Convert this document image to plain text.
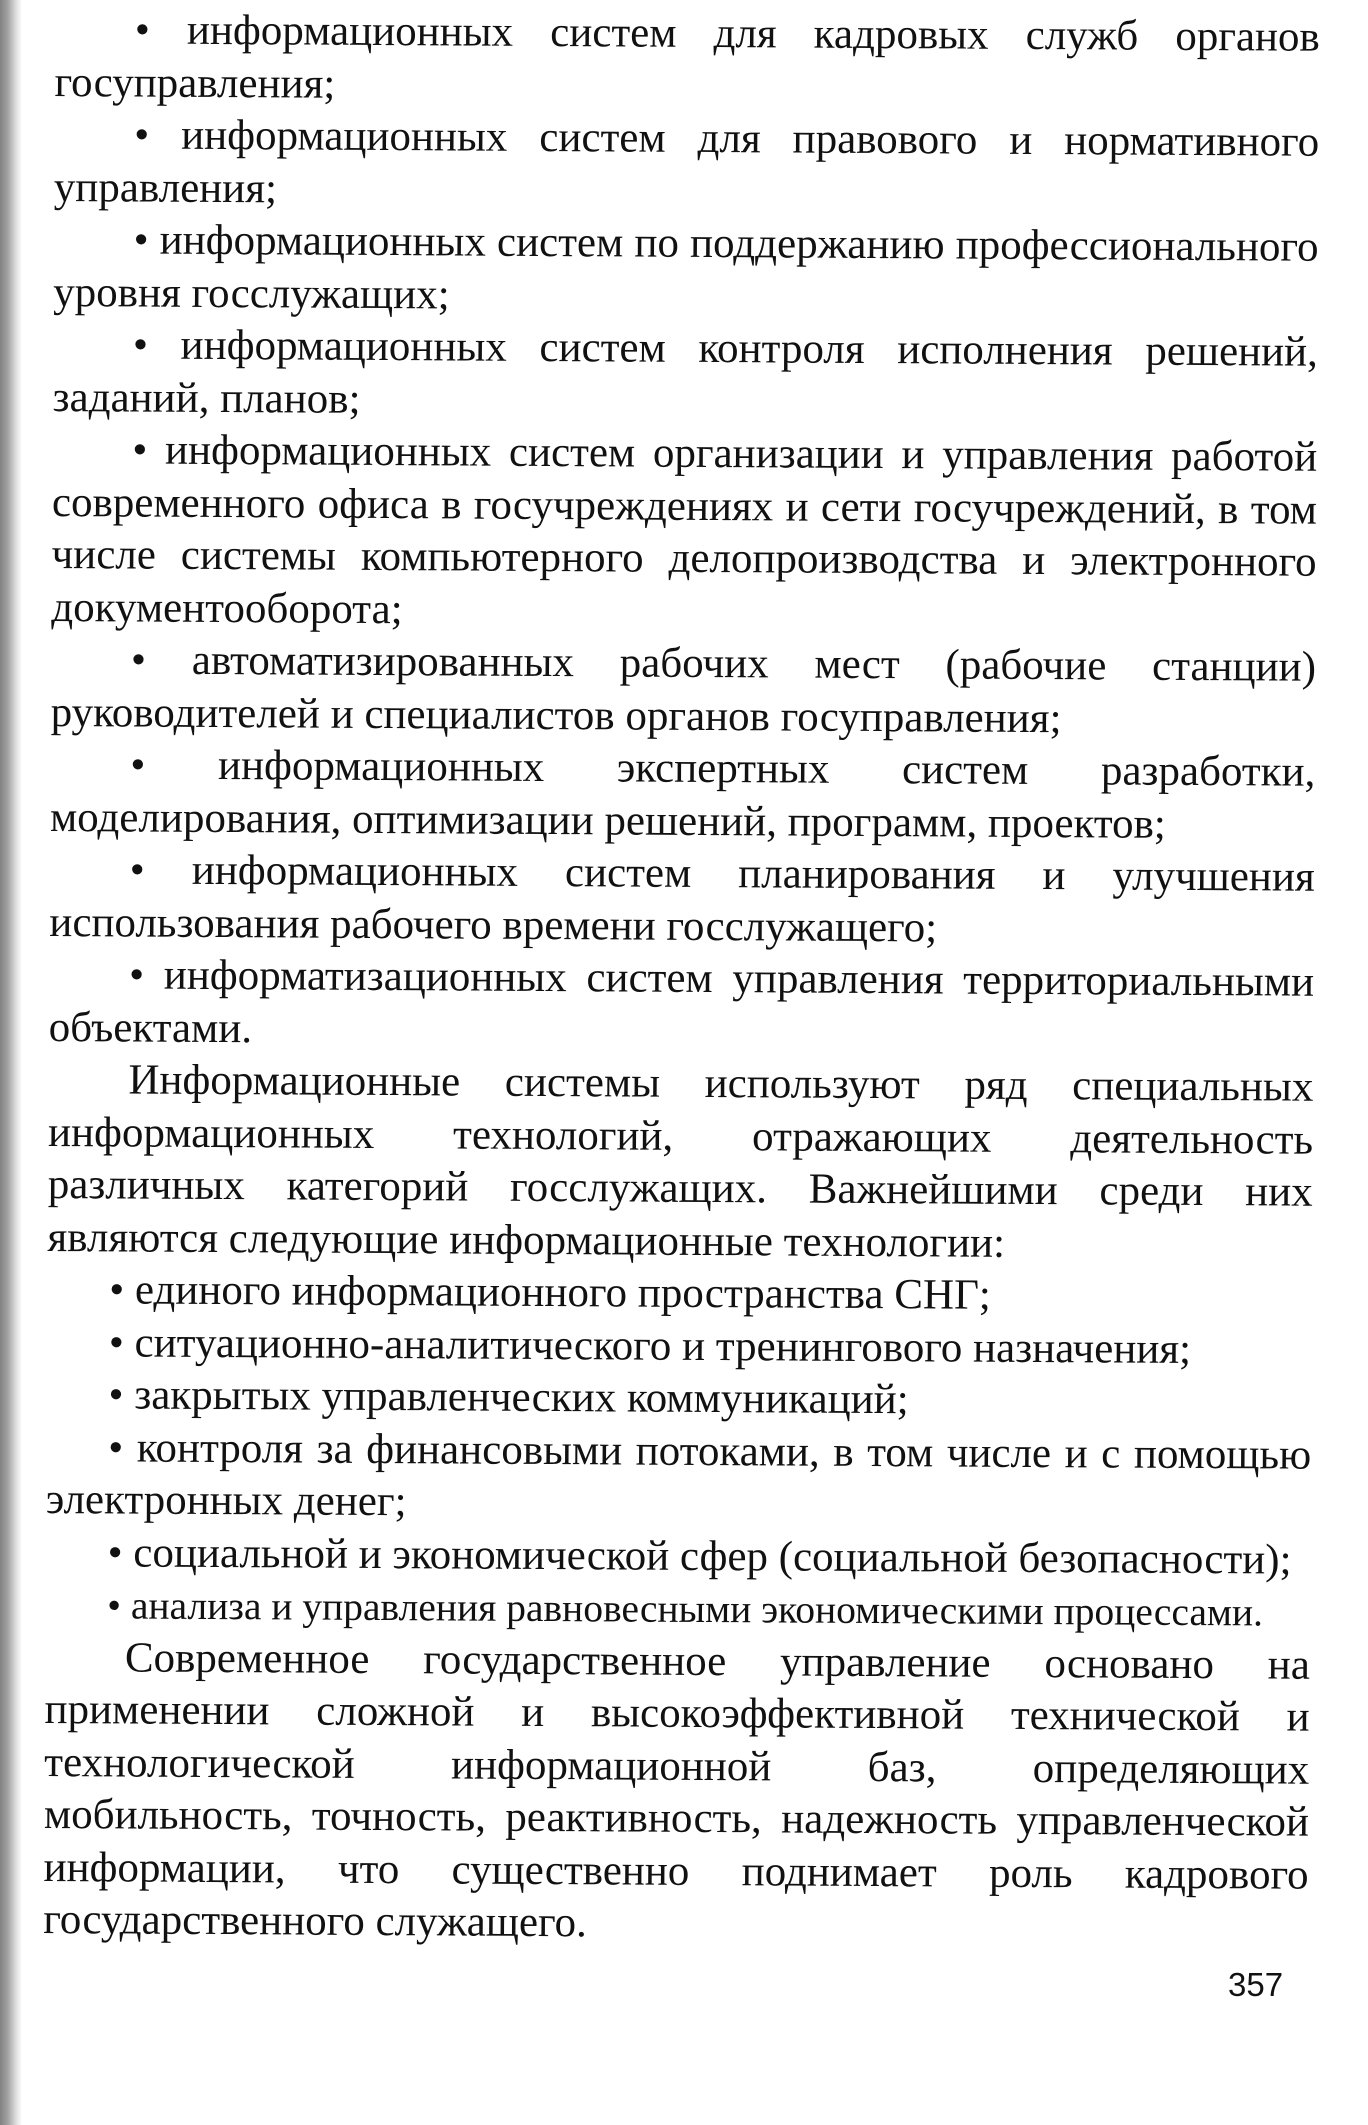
• информационных систем для кадровых служб органов госуправления;

• информационных систем для правового и нормативного управления;

• информационных систем по поддержанию профессионального уровня госслужащих;

• информационных систем контроля исполнения решений, заданий, планов;

• информационных систем организации и управления работой современного офиса в госучреждениях и сети госучреждений, в том числе системы компьютерного делопроизводства и электронного документооборота;

• автоматизированных рабочих мест (рабочие станции) руководителей и специалистов органов госуправления;

• информационных экспертных систем разработки, моделирования, оптимизации решений, программ, проектов;

• информационных систем планирования и улучшения использования рабочего времени госслужащего;

• информатизационных систем управления территориальными объектами.

Информационные системы используют ряд специальных информационных технологий, отражающих деятельность различных категорий госслужащих. Важнейшими среди них являются следующие информационные технологии:

• единого информационного пространства СНГ;

• ситуационно-аналитического и тренингового назначения;

• закрытых управленческих коммуникаций;

• контроля за финансовыми потоками, в том числе и с помощью электронных денег;

• социальной и экономической сфер (социальной безопасности);

• анализа и управления равновесными экономическими процессами.

Современное государственное управление основано на применении сложной и высокоэффективной технической и технологической информационной баз, определяющих мобильность, точность, реактивность, надежность управленческой информации, что существенно поднимает роль кадрового государственного служащего.

357
